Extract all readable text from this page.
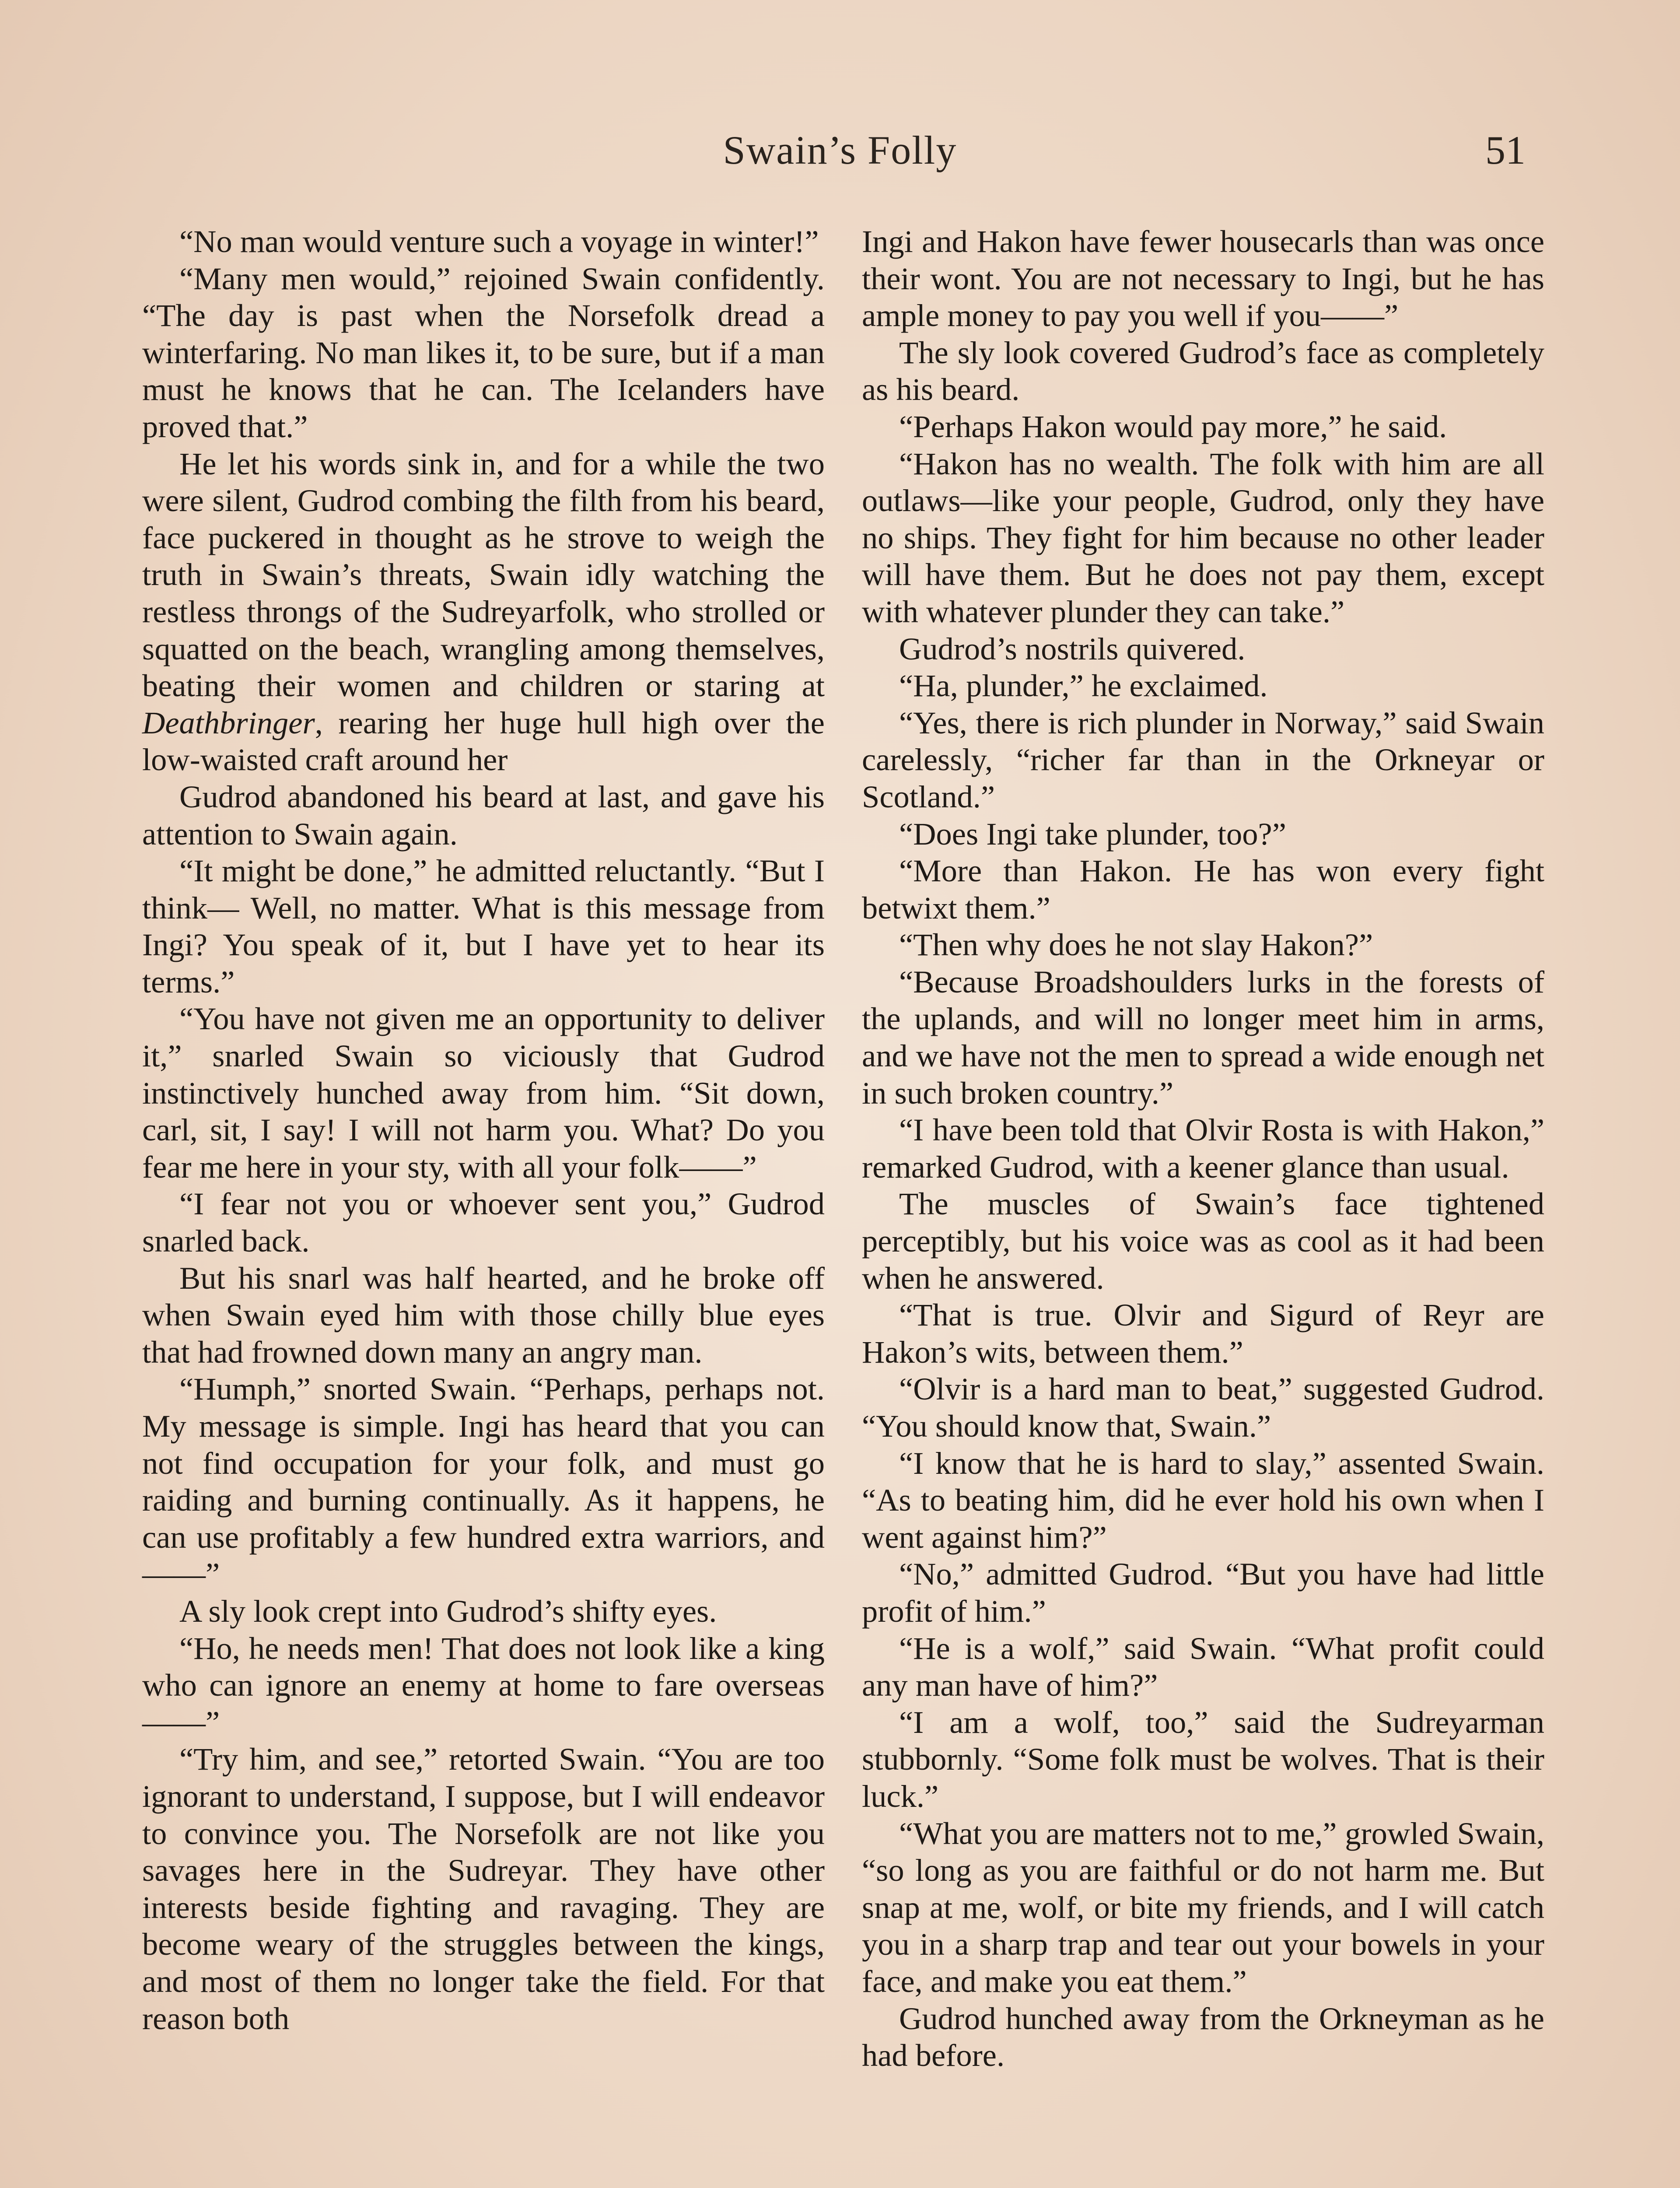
Swain’s Folly	51

“No man would venture such a voyage in winter!”

“Many men would,” rejoined Swain confidently. “The day is past when the Norsefolk dread a winterfaring. No man likes it, to be sure, but if a man must he knows that he can. The Icelanders have proved that.”

He let his words sink in, and for a while the two were silent, Gudrod combing the filth from his beard, face puckered in thought as he strove to weigh the truth in Swain’s threats, Swain idly watching the restless throngs of the Sudreyarfolk, who strolled or squatted on the beach, wrangling among themselves, beating their women and children or staring at Deathbringer, rearing her huge hull high over the low-waisted craft around her

Gudrod abandoned his beard at last, and gave his attention to Swain again.

“It might be done,” he admitted reluctantly. “But I think— Well, no matter. What is this message from Ingi? You speak of it, but I have yet to hear its terms.”

“You have not given me an opportunity to deliver it,” snarled Swain so viciously that Gudrod instinctively hunched away from him. “Sit down, carl, sit, I say! I will not harm you. What? Do you fear me here in your sty, with all your folk——”

“I fear not you or whoever sent you,” Gudrod snarled back.

But his snarl was half hearted, and he broke off when Swain eyed him with those chilly blue eyes that had frowned down many an angry man.

“Humph,” snorted Swain. “Perhaps, perhaps not. My message is simple. Ingi has heard that you can not find occupation for your folk, and must go raiding and burning continually. As it happens, he can use profitably a few hundred extra warriors, and——”

A sly look crept into Gudrod’s shifty eyes.

“Ho, he needs men! That does not look like a king who can ignore an enemy at home to fare overseas——”

“Try him, and see,” retorted Swain. “You are too ignorant to understand, I suppose, but I will endeavor to convince you. The Norsefolk are not like you savages here in the Sudreyar. They have other interests beside fighting and ravaging. They are become weary of the struggles between the kings, and most of them no longer take the field. For that reason both

Ingi and Hakon have fewer housecarls than was once their wont. You are not necessary to Ingi, but he has ample money to pay you well if you——”

The sly look covered Gudrod’s face as completely as his beard.

“Perhaps Hakon would pay more,” he said.

“Hakon has no wealth. The folk with him are all outlaws—like your people, Gudrod, only they have no ships. They fight for him because no other leader will have them. But he does not pay them, except with whatever plunder they can take.”

Gudrod’s nostrils quivered.

“Ha, plunder,” he exclaimed.

“Yes, there is rich plunder in Norway,” said Swain carelessly, “richer far than in the Orkneyar or Scotland.”

“Does Ingi take plunder, too?”

“More than Hakon. He has won every fight betwixt them.”

“Then why does he not slay Hakon?”

“Because Broadshoulders lurks in the forests of the uplands, and will no longer meet him in arms, and we have not the men to spread a wide enough net in such broken country.”

“I have been told that Olvir Rosta is with Hakon,” remarked Gudrod, with a keener glance than usual.

The muscles of Swain’s face tightened perceptibly, but his voice was as cool as it had been when he answered.

“That is true. Olvir and Sigurd of Reyr are Hakon’s wits, between them.”

“Olvir is a hard man to beat,” suggested Gudrod. “You should know that, Swain.”

“I know that he is hard to slay,” assented Swain. “As to beating him, did he ever hold his own when I went against him?”

“No,” admitted Gudrod. “But you have had little profit of him.”

“He is a wolf,” said Swain. “What profit could any man have of him?”

“I am a wolf, too,” said the Sudreyarman stubbornly. “Some folk must be wolves. That is their luck.”

“What you are matters not to me,” growled Swain, “so long as you are faithful or do not harm me. But snap at me, wolf, or bite my friends, and I will catch you in a sharp trap and tear out your bowels in your face, and make you eat them.”

Gudrod hunched away from the Orkneyman as he had before.
